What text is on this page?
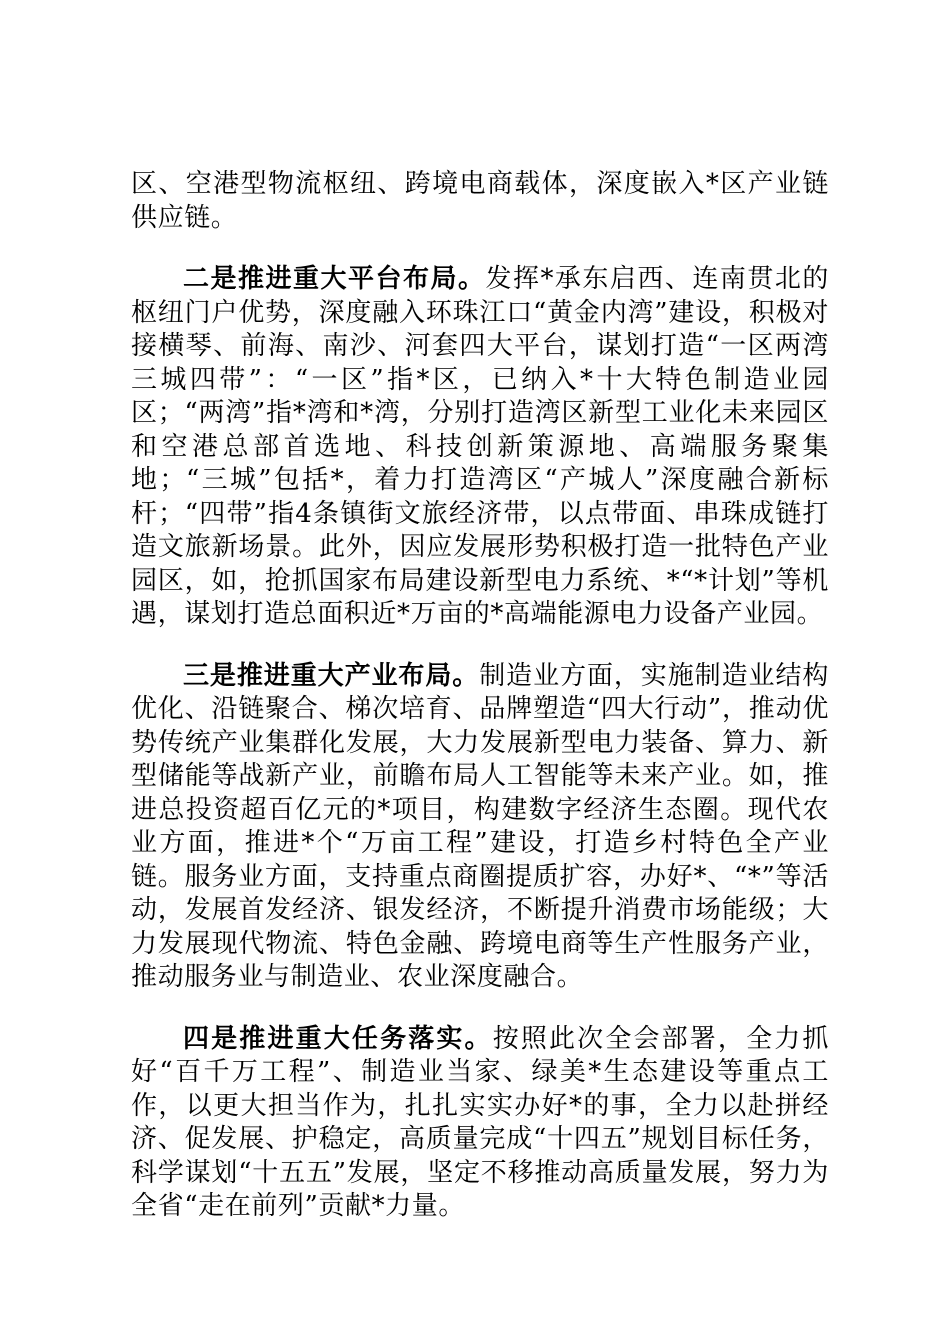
区、空港型物流枢纽、跨境电商载体，深度嵌入*区产业链供应链。

二是推进重大平台布局。发挥*承东启西、连南贯北的枢纽门户优势，深度融入环珠江口“黄金内湾”建设，积极对接横琴、前海、南沙、河套四大平台，谋划打造“一区两湾三城四带”：“一区”指*区，已纳入*十大特色制造业园区；“两湾”指*湾和*湾，分别打造湾区新型工业化未来园区和空港总部首选地、科技创新策源地、高端服务聚集地；“三城”包括*，着力打造湾区“产城人”深度融合新标杆；“四带”指4条镇街文旅经济带，以点带面、串珠成链打造文旅新场景。此外，因应发展形势积极打造一批特色产业园区，如，抢抓国家布局建设新型电力系统、*“*计划”等机遇，谋划打造总面积近*万亩的*高端能源电力设备产业园。

三是推进重大产业布局。制造业方面，实施制造业结构优化、沿链聚合、梯次培育、品牌塑造“四大行动”，推动优势传统产业集群化发展，大力发展新型电力装备、算力、新型储能等战新产业，前瞻布局人工智能等未来产业。如，推进总投资超百亿元的*项目，构建数字经济生态圈。现代农业方面，推进*个“万亩工程”建设，打造乡村特色全产业链。服务业方面，支持重点商圈提质扩容，办好*、“*”等活动，发展首发经济、银发经济，不断提升消费市场能级；大力发展现代物流、特色金融、跨境电商等生产性服务产业，推动服务业与制造业、农业深度融合。

四是推进重大任务落实。按照此次全会部署，全力抓好“百千万工程”、制造业当家、绿美*生态建设等重点工作，以更大担当作为，扎扎实实办好*的事，全力以赴拼经济、促发展、护稳定，高质量完成“十四五”规划目标任务，科学谋划“十五五”发展，坚定不移推动高质量发展，努力为全省“走在前列”贡献*力量。
